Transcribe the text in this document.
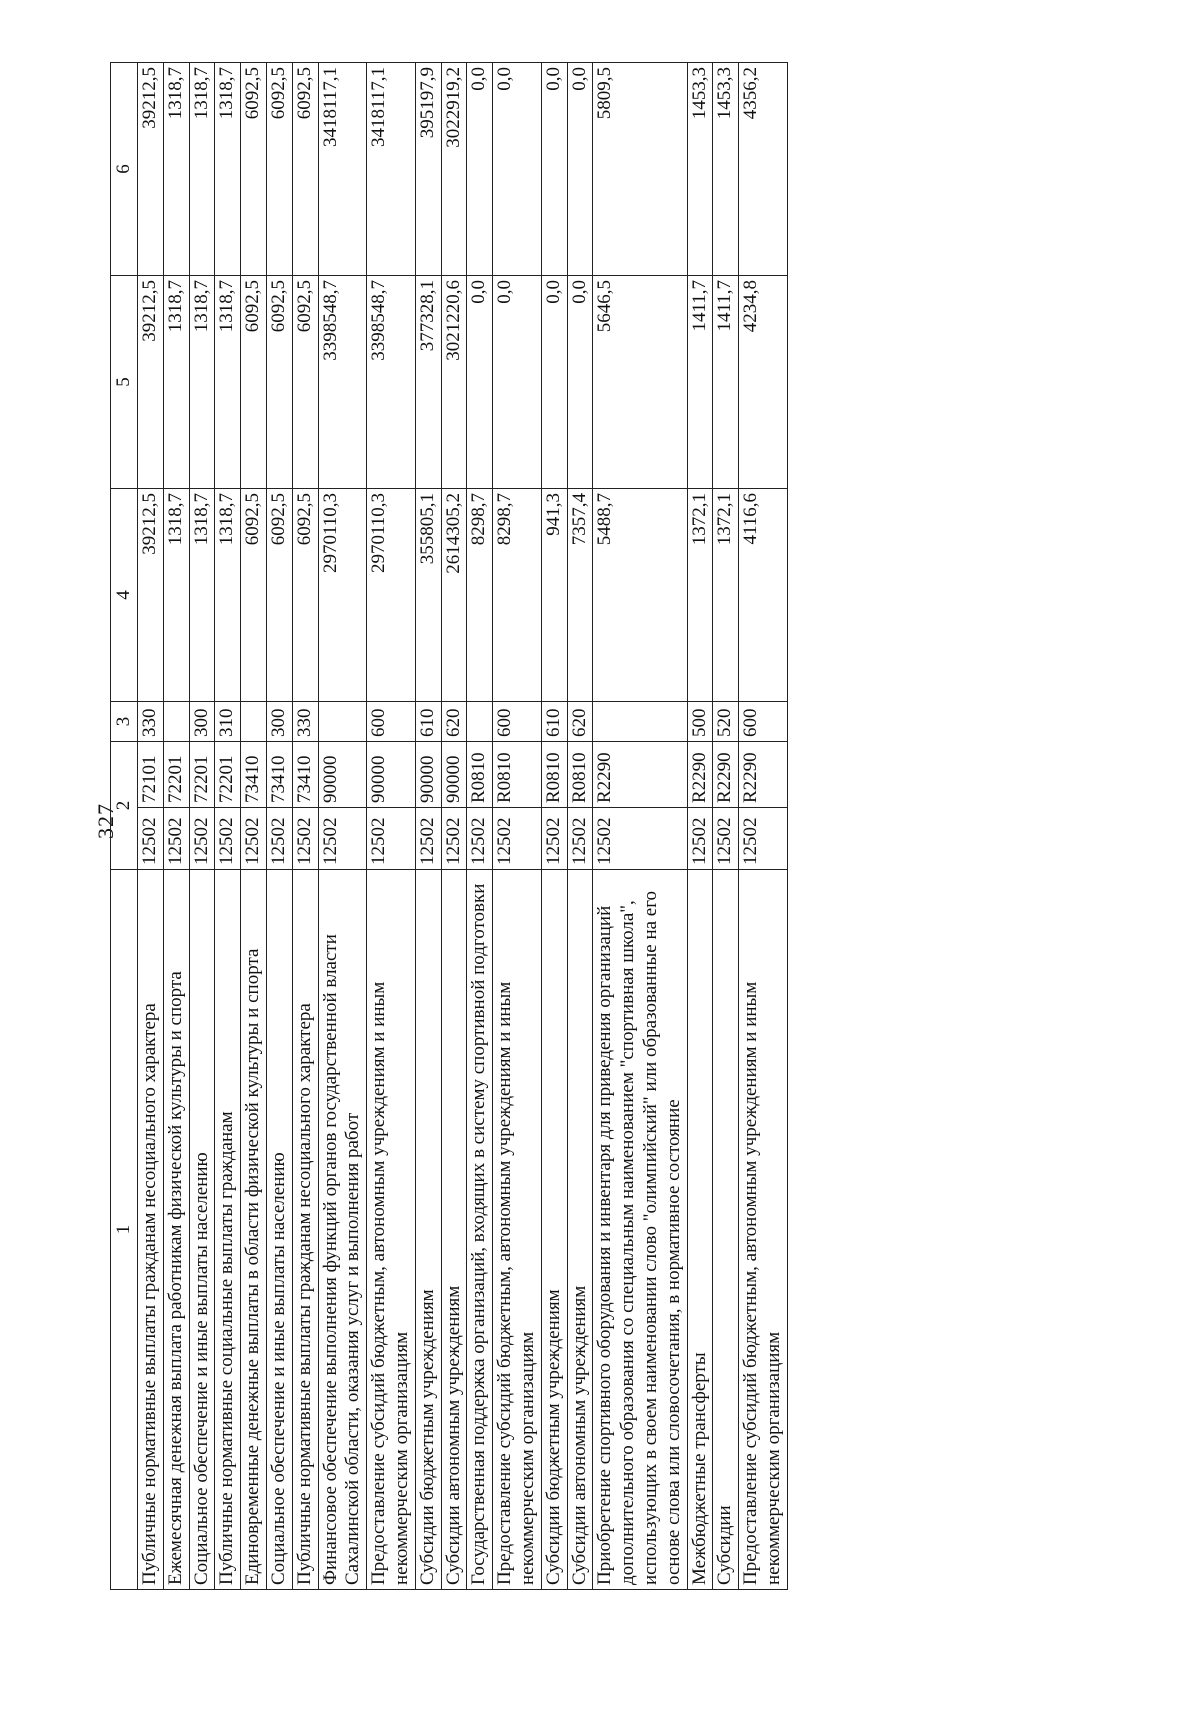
327
1	2		3	4	5	6
Публичные нормативные выплаты гражданам несоциального характера	12502	72101	330	39212,5	39212,5	39212,5
Ежемесячная денежная выплата работникам физической культуры и спорта	12502	72201		1318,7	1318,7	1318,7
Социальное обеспечение и иные выплаты населению	12502	72201	300	1318,7	1318,7	1318,7
Публичные нормативные социальные выплаты гражданам	12502	72201	310	1318,7	1318,7	1318,7
Единовременные денежные выплаты в области физической культуры и спорта	12502	73410		6092,5	6092,5	6092,5
Социальное обеспечение и иные выплаты населению	12502	73410	300	6092,5	6092,5	6092,5
Публичные нормативные выплаты гражданам несоциального характера	12502	73410	330	6092,5	6092,5	6092,5
Финансовое обеспечение выполнения функций органов государственной власти Сахалинской области, оказания услуг и выполнения работ	12502	90000		2970110,3	3398548,7	3418117,1
Предоставление субсидий бюджетным, автономным учреждениям и иным некоммерческим организациям	12502	90000	600	2970110,3	3398548,7	3418117,1
Субсидии бюджетным учреждениям	12502	90000	610	355805,1	377328,1	395197,9
Субсидии автономным учреждениям	12502	90000	620	2614305,2	3021220,6	3022919,2
Государственная поддержка организаций, входящих в систему спортивной подготовки	12502	R0810		8298,7	0,0	0,0
Предоставление субсидий бюджетным, автономным учреждениям и иным некоммерческим организациям	12502	R0810	600	8298,7	0,0	0,0
Субсидии бюджетным учреждениям	12502	R0810	610	941,3	0,0	0,0
Субсидии автономным учреждениям	12502	R0810	620	7357,4	0,0	0,0
Приобретение спортивного оборудования и инвентаря для приведения организаций дополнительного образования со специальным наименованием "спортивная школа", использующих в своем наименовании слово "олимпийский" или образованные на его основе слова или словосочетания, в нормативное состояние	12502	R2290		5488,7	5646,5	5809,5
Межбюджетные трансферты	12502	R2290	500	1372,1	1411,7	1453,3
Субсидии	12502	R2290	520	1372,1	1411,7	1453,3
Предоставление субсидий бюджетным, автономным учреждениям и иным некоммерческим организациям	12502	R2290	600	4116,6	4234,8	4356,2
